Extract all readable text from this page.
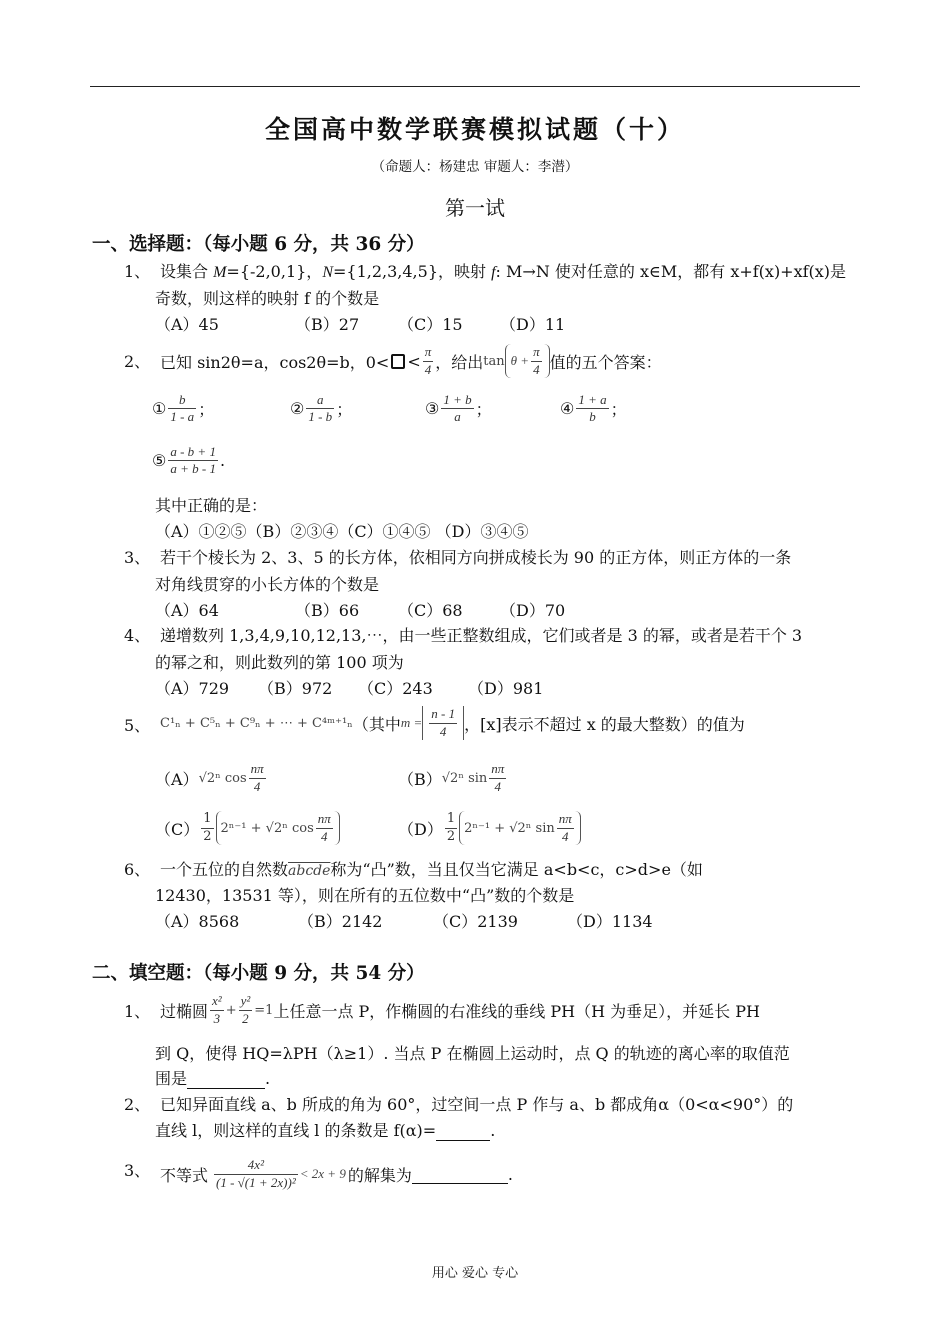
全国高中数学联赛模拟试题（十）
（命题人：杨建忠 审题人：李潜）
第一试
一、选择题：（每小题 6 分，共 36 分）
1、 设集合 M={-2,0,1}，N={1,2,3,4,5}，映射 f: M→N 使对任意的 x∈M，都有 x+f(x)+xf(x)是
奇数，则这样的映射 f 的个数是
（A）45	（B）27 （C）15 （D）11
2、 已知 sin2θ=a，cos2θ=b，$0< < \frac{\pi}{4}$ ，给出 $\tan \theta + \frac{\pi}{4}$ 值的五个答案：
① $\frac{b}{1 - a}$ ；	② $\frac{a}{1 - b}$ ；	③ $\frac{1 + b}{a}$ ；	④ $\frac{1 + a}{b}$ ；
⑤ $\frac{a - b + 1}{a + b - 1}$ .
其中正确的是：
（A）①②⑤（B）②③④（C）①④⑤ （D）③④⑤
3、 若干个棱长为 2、3、5 的长方体，依相同方向拼成棱长为 90 的正方体，则正方体的一条
对角线贯穿的小长方体的个数是
（A）64	（B）66 （C）68 （D）70
4、 递增数列 1,3,4,9,10,12,13,⋯，由一些正整数组成，它们或者是 3 的幂，或者是若干个 3
的幂之和，则此数列的第 100 项为
（A）729 （B）972 （C）243 （D）981
5、 C¹ₙ + C⁵ₙ + C⁹ₙ + ⋯ + C⁴ᵐ⁺¹ₙ （其中 $m = \frac{n - 1}{4}$ ，[x]表示不超过 x 的最大整数）的值为
（A） √2ⁿ $\cos \frac{n\pi}{4}$	（B） √2ⁿ $\sin \frac{n\pi}{4}$
$(C) \frac{1}{2} 2^{n-1} + √2^n$ $\cos \frac{n\pi}{4}$	$(D) \frac{1}{2} 2^{n-1} + √2^n$ $\sin \frac{n\pi}{4}$
6、 一个五位的自然数abcde称为“凸”数，当且仅当它满足 a<b<c，c>d>e（如
12430，13531 等），则在所有的五位数中“凸”数的个数是
（A）8568	（B）2142	（C）2139	（D）1134
二、填空题：（每小题 9 分，共 54 分）
1、 过椭圆 $\frac{\text{x²}}{3} + \frac{\text{y²}}{2} =1$ 上任意一点 P，作椭圆的右准线的垂线 PH（H 为垂足），并延长 PH
到 Q，使得 HQ=λPH（λ≥1）. 当点 P 在椭圆上运动时，点 Q 的轨迹的离心率的取值范
围是	.
2、 已知异面直线 a、b 所成的角为 60°，过空间一点 P 作与 a、b 都成角α（0<α<90°）的
直线 l，则这样的直线 l 的条数是 f(α)=	.
3、 不等式 $\frac{\text{4x²}}{\text{(1 - √(1 + 2x))²}} < 2x + 9$ 的解集为	.
用心 爱心 专心
